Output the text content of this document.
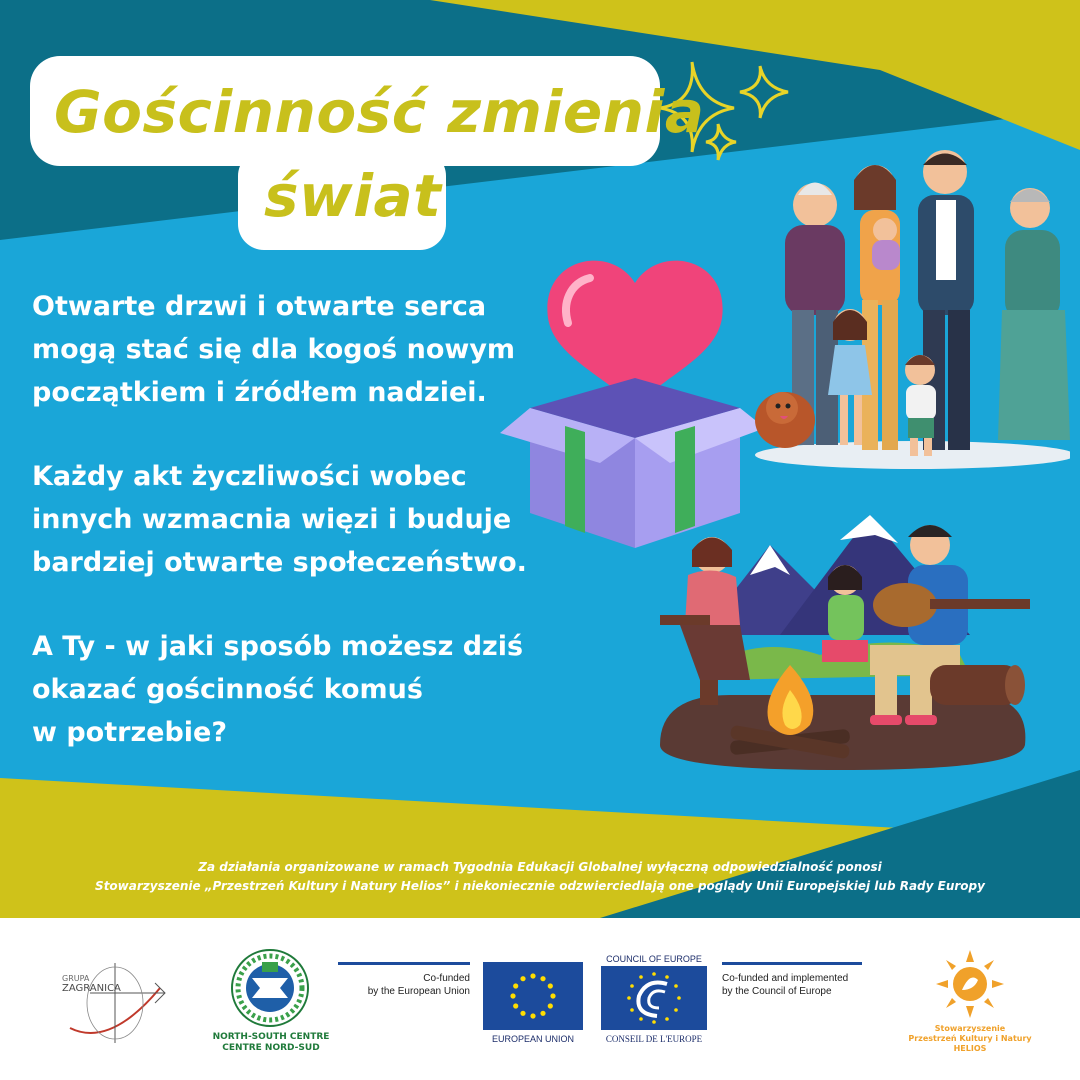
Gościnność zmienia
świat

Otwarte drzwi i otwarte serca
mogą stać się dla kogoś nowym
początkiem i źródłem nadziei.

Każdy akt życzliwości wobec
innych wzmacnia więzi i buduje
bardziej otwarte społeczeństwo.

A Ty - w jaki sposób możesz dziś
okazać gościnność komuś
w potrzebie?

Za działania organizowane w ramach Tygodnia Edukacji Globalnej wyłączną odpowiedzialność ponosi
Stowarzyszenie „Przestrzeń Kultury i Natury Helios” i niekoniecznie odzwierciedlają one poglądy Unii Europejskiej lub Rady Europy
GRUPA
ZAGRANICA
NORTH-SOUTH CENTRE
CENTRE NORD-SUD
Co-funded
by the European Union
EUROPEAN UNION
COUNCIL OF EUROPE
CONSEIL DE L'EUROPE
Co-funded and implemented
by the Council of Europe
Stowarzyszenie
Przestrzeń Kultury i Natury
HELIOS
